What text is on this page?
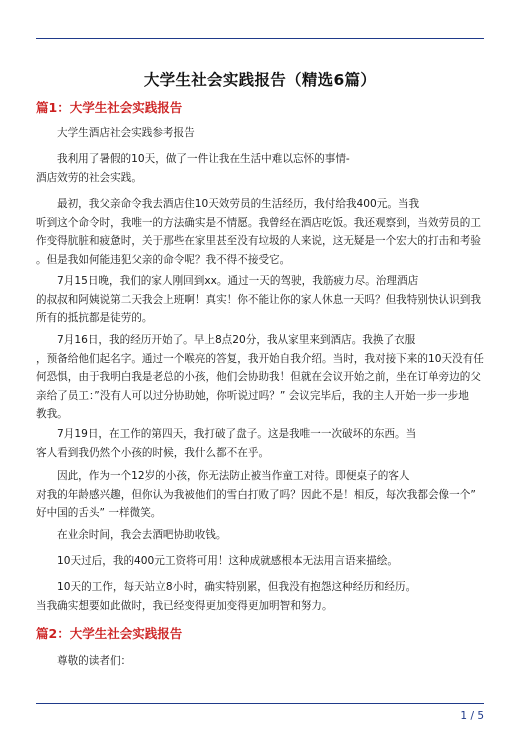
大学生社会实践报告（精选6篇）
篇1：大学生社会实践报告
大学生酒店社会实践参考报告
我利用了暑假的10天，做了一件让我在生活中难以忘怀的事情-
酒店效劳的社会实践。
最初，我父亲命令我去酒店住10天效劳员的生活经历，我付给我400元。当我
听到这个命令时，我唯一的方法确实是不情愿。我曾经在酒店吃饭。我还观察到，当效劳员的工
作变得肮脏和疲惫时，关于那些在家里甚至没有垃圾的人来说，这无疑是一个宏大的打击和考验
。但是我如何能违犯父亲的命令呢？我不得不接受它。
7月15日晚，我们的家人刚回到xx。通过一天的驾驶，我筋疲力尽。治理酒店
的叔叔和阿姨说第二天我会上班啊！真实！你不能让你的家人休息一天吗？但我特别快认识到我
所有的抵抗都是徒劳的。
7月16日，我的经历开始了。早上8点20分，我从家里来到酒店。我换了衣服
，预备给他们起名字。通过一个喉亮的答复，我开始自我介绍。当时，我对接下来的10天没有任
何恐惧，由于我明白我是老总的小孩，他们会协助我！但就在会议开始之前，坐在订单旁边的父
亲给了员工：”没有人可以过分协助她，你听说过吗？” 会议完毕后，我的主人开始一步一步地
教我。
7月19日，在工作的第四天，我打破了盘子。这是我唯一一次破坏的东西。当
客人看到我仍然个小孩的时候，我什么都不在乎。
因此，作为一个12岁的小孩，你无法防止被当作童工对待。即便桌子的客人
对我的年龄感兴趣，但你认为我被他们的雪白打败了吗？因此不是！相反，每次我都会像一个”
好中国的舌头” 一样微笑。
在业余时间，我会去酒吧协助收钱。
10天过后，我的400元工资将可用！这种成就感根本无法用言语来描绘。
10天的工作，每天站立8小时，确实特别累，但我没有抱怨这种经历和经历。
当我确实想要如此做时，我已经变得更加变得更加明智和努力。
篇2：大学生社会实践报告
尊敬的读者们：
1 / 5
